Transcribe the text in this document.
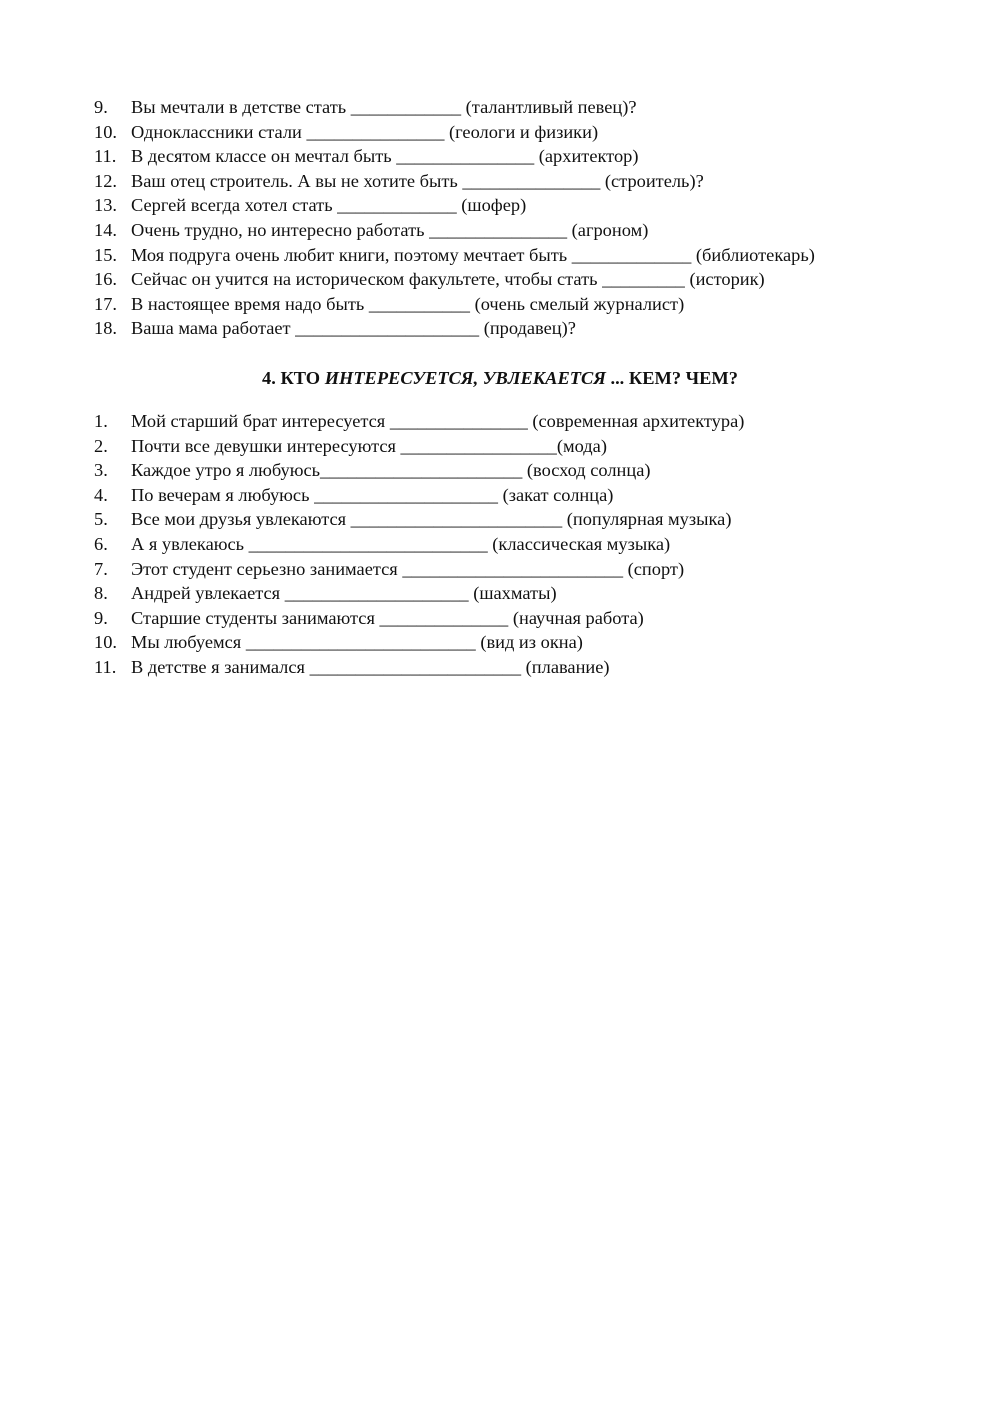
9. Вы мечтали в детстве стать ____________ (талантливый певец)?
10. Одноклассники стали _______________ (геологи и физики)
11. В десятом классе он мечтал быть _______________ (архитектор)
12. Ваш отец строитель. А вы не хотите быть _______________ (строитель)?
13. Сергей всегда хотел стать _____________ (шофер)
14. Очень трудно, но интересно работать _______________ (агроном)
15. Моя подруга очень любит книги, поэтому мечтает быть _____________ (библиотекарь)
16. Сейчас он учится на историческом факультете, чтобы стать _________ (историк)
17. В настоящее время надо быть ___________ (очень смелый журналист)
18. Ваша мама работает ____________________ (продавец)?
4. КТО ИНТЕРЕСУЕТСЯ, УВЛЕКАЕТСЯ ... КЕМ? ЧЕМ?
1. Мой старший брат интересуется _______________ (современная архитектура)
2. Почти все девушки интересуются _________________(мода)
3. Каждое утро я любуюсь______________________ (восход солнца)
4. По вечерам я любуюсь ____________________ (закат солнца)
5. Все мои друзья увлекаются _______________________ (популярная музыка)
6. А я увлекаюсь __________________________ (классическая музыка)
7. Этот студент серьезно занимается ________________________ (спорт)
8. Андрей увлекается ____________________ (шахматы)
9. Старшие студенты занимаются ______________ (научная работа)
10. Мы любуемся _________________________ (вид из окна)
11. В детстве я занимался _______________________ (плавание)
